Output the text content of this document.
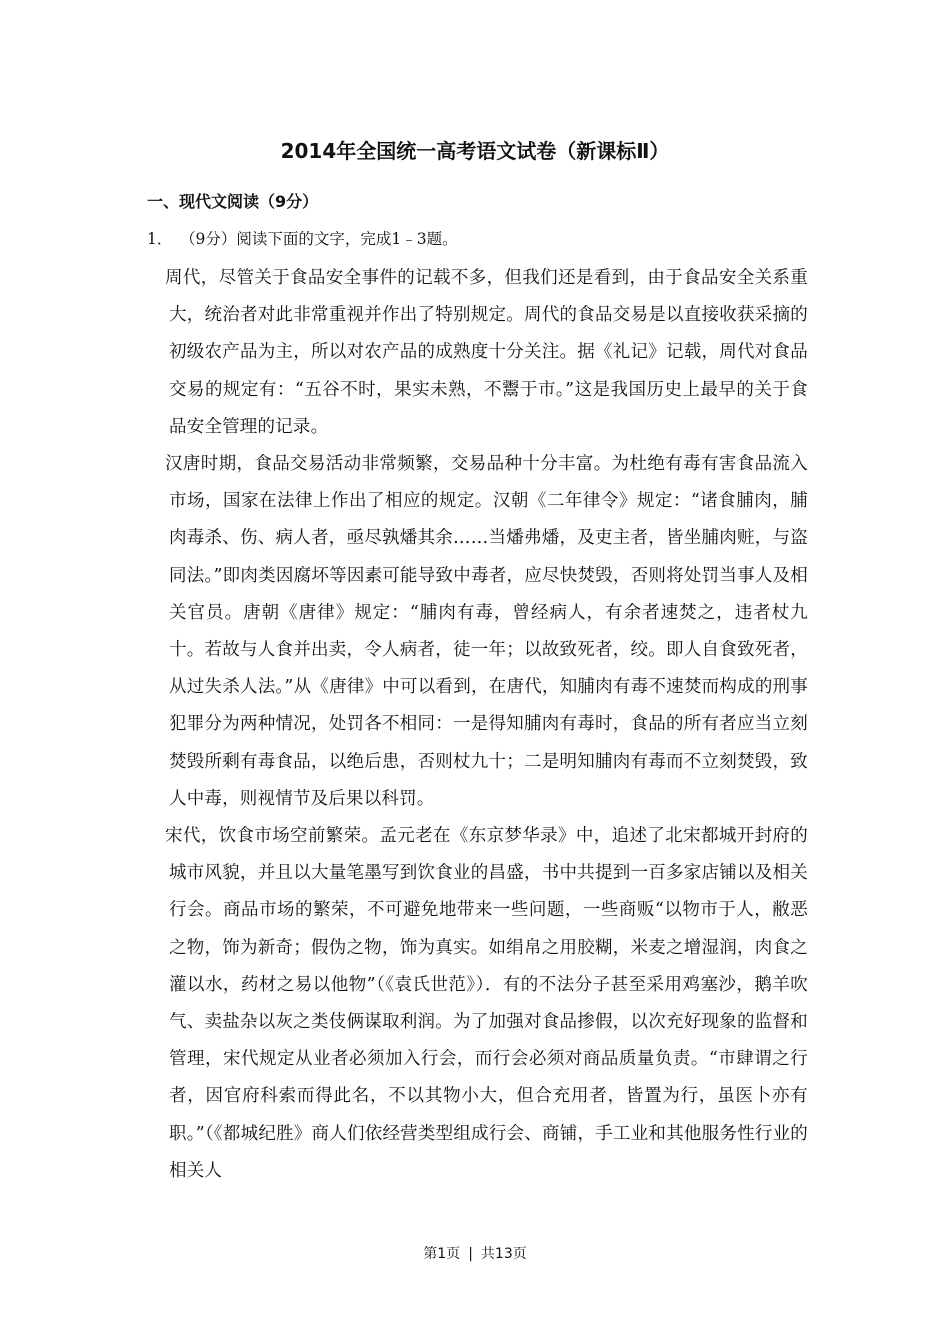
2014年全国统一高考语文试卷（新课标Ⅱ）
一、现代文阅读（9分）
1． （9分）阅读下面的文字，完成1﹣3题。

周代，尽管关于食品安全事件的记载不多，但我们还是看到，由于食品安全关系重大，统治者对此非常重视并作出了特别规定。周代的食品交易是以直接收获采摘的初级农产品为主，所以对农产品的成熟度十分关注。据《礼记》记载，周代对食品交易的规定有：“五谷不时，果实未熟，不鬻于市。”这是我国历史上最早的关于食品安全管理的记录。

汉唐时期，食品交易活动非常频繁，交易品种十分丰富。为杜绝有毒有害食品流入市场，国家在法律上作出了相应的规定。汉朝《二年律令》规定：“诸食脯肉，脯肉毒杀、伤、病人者，亟尽孰燔其余……当燔弗燔，及吏主者，皆坐脯肉赃，与盗同法。”即肉类因腐坏等因素可能导致中毒者，应尽快焚毁，否则将处罚当事人及相关官员。唐朝《唐律》规定：“脯肉有毒，曾经病人，有余者速焚之，违者杖九十。若故与人食并出卖，令人病者，徒一年；以故致死者，绞。即人自食致死者，从过失杀人法。”从《唐律》中可以看到，在唐代，知脯肉有毒不速焚而构成的刑事犯罪分为两种情况，处罚各不相同：一是得知脯肉有毒时，食品的所有者应当立刻焚毁所剩有毒食品，以绝后患，否则杖九十；二是明知脯肉有毒而不立刻焚毁，致人中毒，则视情节及后果以科罚。

宋代，饮食市场空前繁荣。孟元老在《东京梦华录》中，追述了北宋都城开封府的城市风貌，并且以大量笔墨写到饮食业的昌盛，书中共提到一百多家店铺以及相关行会。商品市场的繁荣，不可避免地带来一些问题，一些商贩“以物市于人，敝恶之物，饰为新奇；假伪之物，饰为真实。如绢帛之用胶糊，米麦之增湿润，肉食之灌以水，药材之易以他物”（《袁氏世范》）．有的不法分子甚至采用鸡塞沙，鹅羊吹气、卖盐杂以灰之类伎俩谋取利润。为了加强对食品掺假，以次充好现象的监督和管理，宋代规定从业者必须加入行会，而行会必须对商品质量负责。“市肆谓之行者，因官府科索而得此名，不以其物小大，但合充用者，皆置为行，虽医卜亦有职。”（《都城纪胜》商人们依经营类型组成行会、商铺，手工业和其他服务性行业的相关人

第1页 | 共13页
